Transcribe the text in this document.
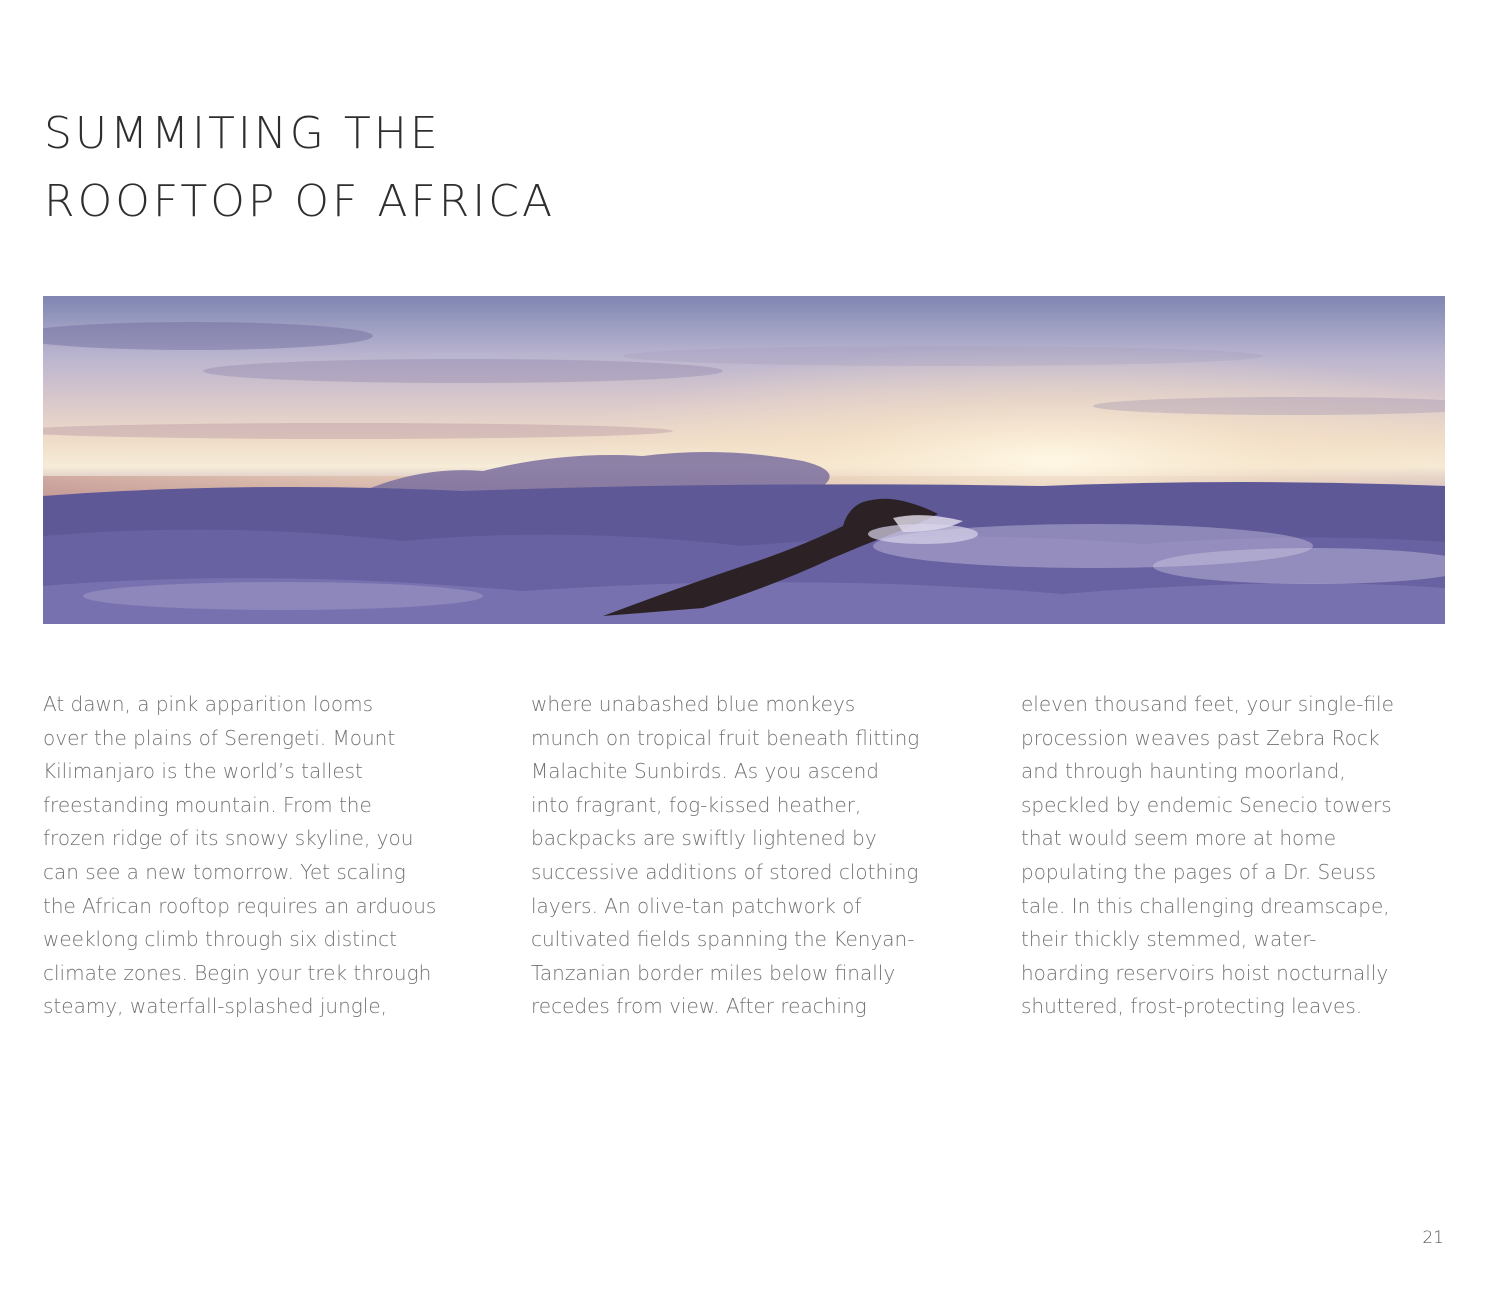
SUMMITING THE
ROOFTOP OF AFRICA
At dawn, a pink apparition looms
over the plains of Serengeti. Mount
Kilimanjaro is the world’s tallest
freestanding mountain. From the
frozen ridge of its snowy skyline, you
can see a new tomorrow. Yet scaling
the African rooftop requires an arduous
weeklong climb through six distinct
climate zones. Begin your trek through
steamy, waterfall-splashed jungle,
where unabashed blue monkeys
munch on tropical fruit beneath flitting
Malachite Sunbirds. As you ascend
into fragrant, fog-kissed heather,
backpacks are swiftly lightened by
successive additions of stored clothing
layers. An olive-tan patchwork of
cultivated fields spanning the Kenyan-
Tanzanian border miles below finally
recedes from view. After reaching
eleven thousand feet, your single-file
procession weaves past Zebra Rock
and through haunting moorland,
speckled by endemic Senecio towers
that would seem more at home
populating the pages of a Dr. Seuss
tale. In this challenging dreamscape,
their thickly stemmed, water-
hoarding reservoirs hoist nocturnally
shuttered, frost-protecting leaves.
21
